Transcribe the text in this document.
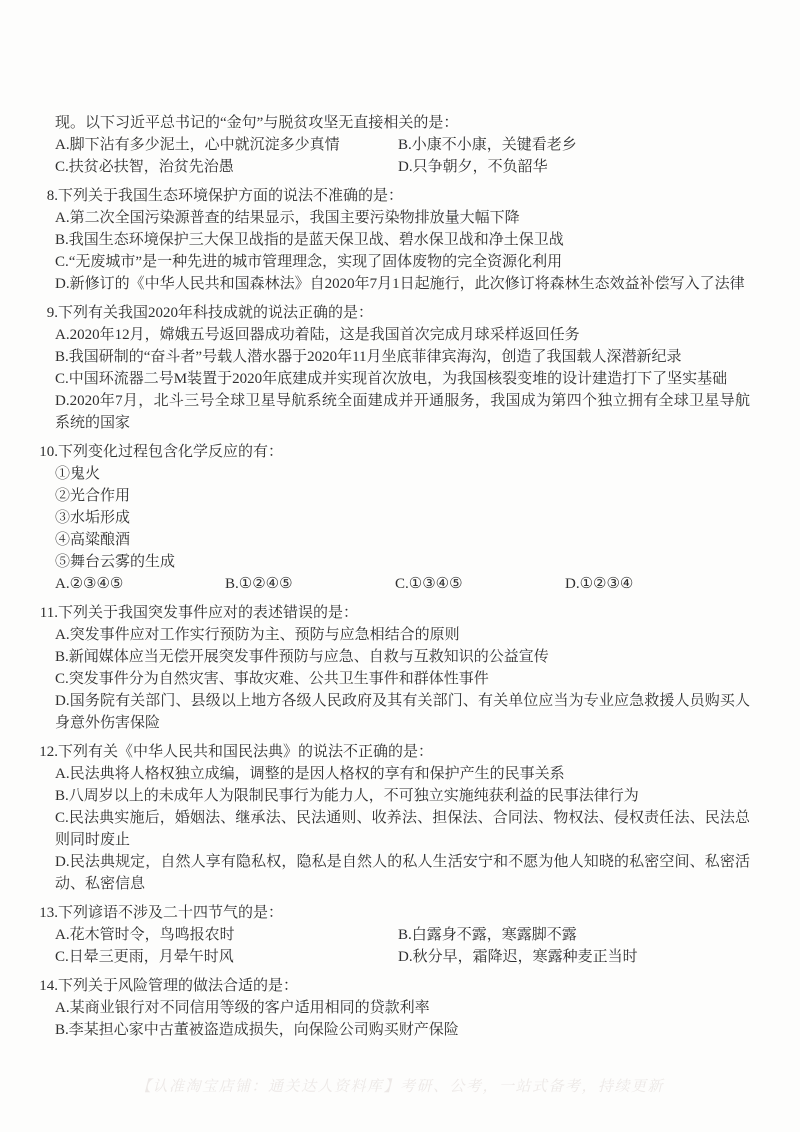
现。以下习近平总书记的“金句”与脱贫攻坚无直接相关的是：
A.脚下沾有多少泥土，心中就沉淀多少真情	B.小康不小康，关键看老乡
C.扶贫必扶智，治贫先治愚	D.只争朝夕，不负韶华
8.下列关于我国生态环境保护方面的说法不准确的是：
A.第二次全国污染源普查的结果显示，我国主要污染物排放量大幅下降
B.我国生态环境保护三大保卫战指的是蓝天保卫战、碧水保卫战和净土保卫战
C.“无废城市”是一种先进的城市管理理念，实现了固体废物的完全资源化利用
D.新修订的《中华人民共和国森林法》自2020年7月1日起施行，此次修订将森林生态效益补偿写入了法律
9.下列有关我国2020年科技成就的说法正确的是：
A.2020年12月，嫦娥五号返回器成功着陆，这是我国首次完成月球采样返回任务
B.我国研制的“奋斗者”号载人潜水器于2020年11月坐底菲律宾海沟，创造了我国载人深潜新纪录
C.中国环流器二号M装置于2020年底建成并实现首次放电，为我国核裂变堆的设计建造打下了坚实基础
D.2020年7月，北斗三号全球卫星导航系统全面建成并开通服务，我国成为第四个独立拥有全球卫星导航系统的国家
10.下列变化过程包含化学反应的有：
①鬼火
②光合作用
③水垢形成
④高粱酿酒
⑤舞台云雾的生成
A.②③④⑤	B.①②④⑤	C.①③④⑤	D.①②③④
11.下列关于我国突发事件应对的表述错误的是：
A.突发事件应对工作实行预防为主、预防与应急相结合的原则
B.新闻媒体应当无偿开展突发事件预防与应急、自救与互救知识的公益宣传
C.突发事件分为自然灾害、事故灾难、公共卫生事件和群体性事件
D.国务院有关部门、县级以上地方各级人民政府及其有关部门、有关单位应当为专业应急救援人员购买人身意外伤害保险
12.下列有关《中华人民共和国民法典》的说法不正确的是：
A.民法典将人格权独立成编，调整的是因人格权的享有和保护产生的民事关系
B.八周岁以上的未成年人为限制民事行为能力人，不可独立实施纯获利益的民事法律行为
C.民法典实施后，婚姻法、继承法、民法通则、收养法、担保法、合同法、物权法、侵权责任法、民法总则同时废止
D.民法典规定，自然人享有隐私权，隐私是自然人的私人生活安宁和不愿为他人知晓的私密空间、私密活动、私密信息
13.下列谚语不涉及二十四节气的是：
A.花木管时令，鸟鸣报农时	B.白露身不露，寒露脚不露
C.日晕三更雨，月晕午时风	D.秋分早，霜降迟，寒露种麦正当时
14.下列关于风险管理的做法合适的是：
A.某商业银行对不同信用等级的客户适用相同的贷款利率
B.李某担心家中古董被盗造成损失，向保险公司购买财产保险
【认准淘宝店铺：通关达人资料库】考研、公考，一站式备考，持续更新
